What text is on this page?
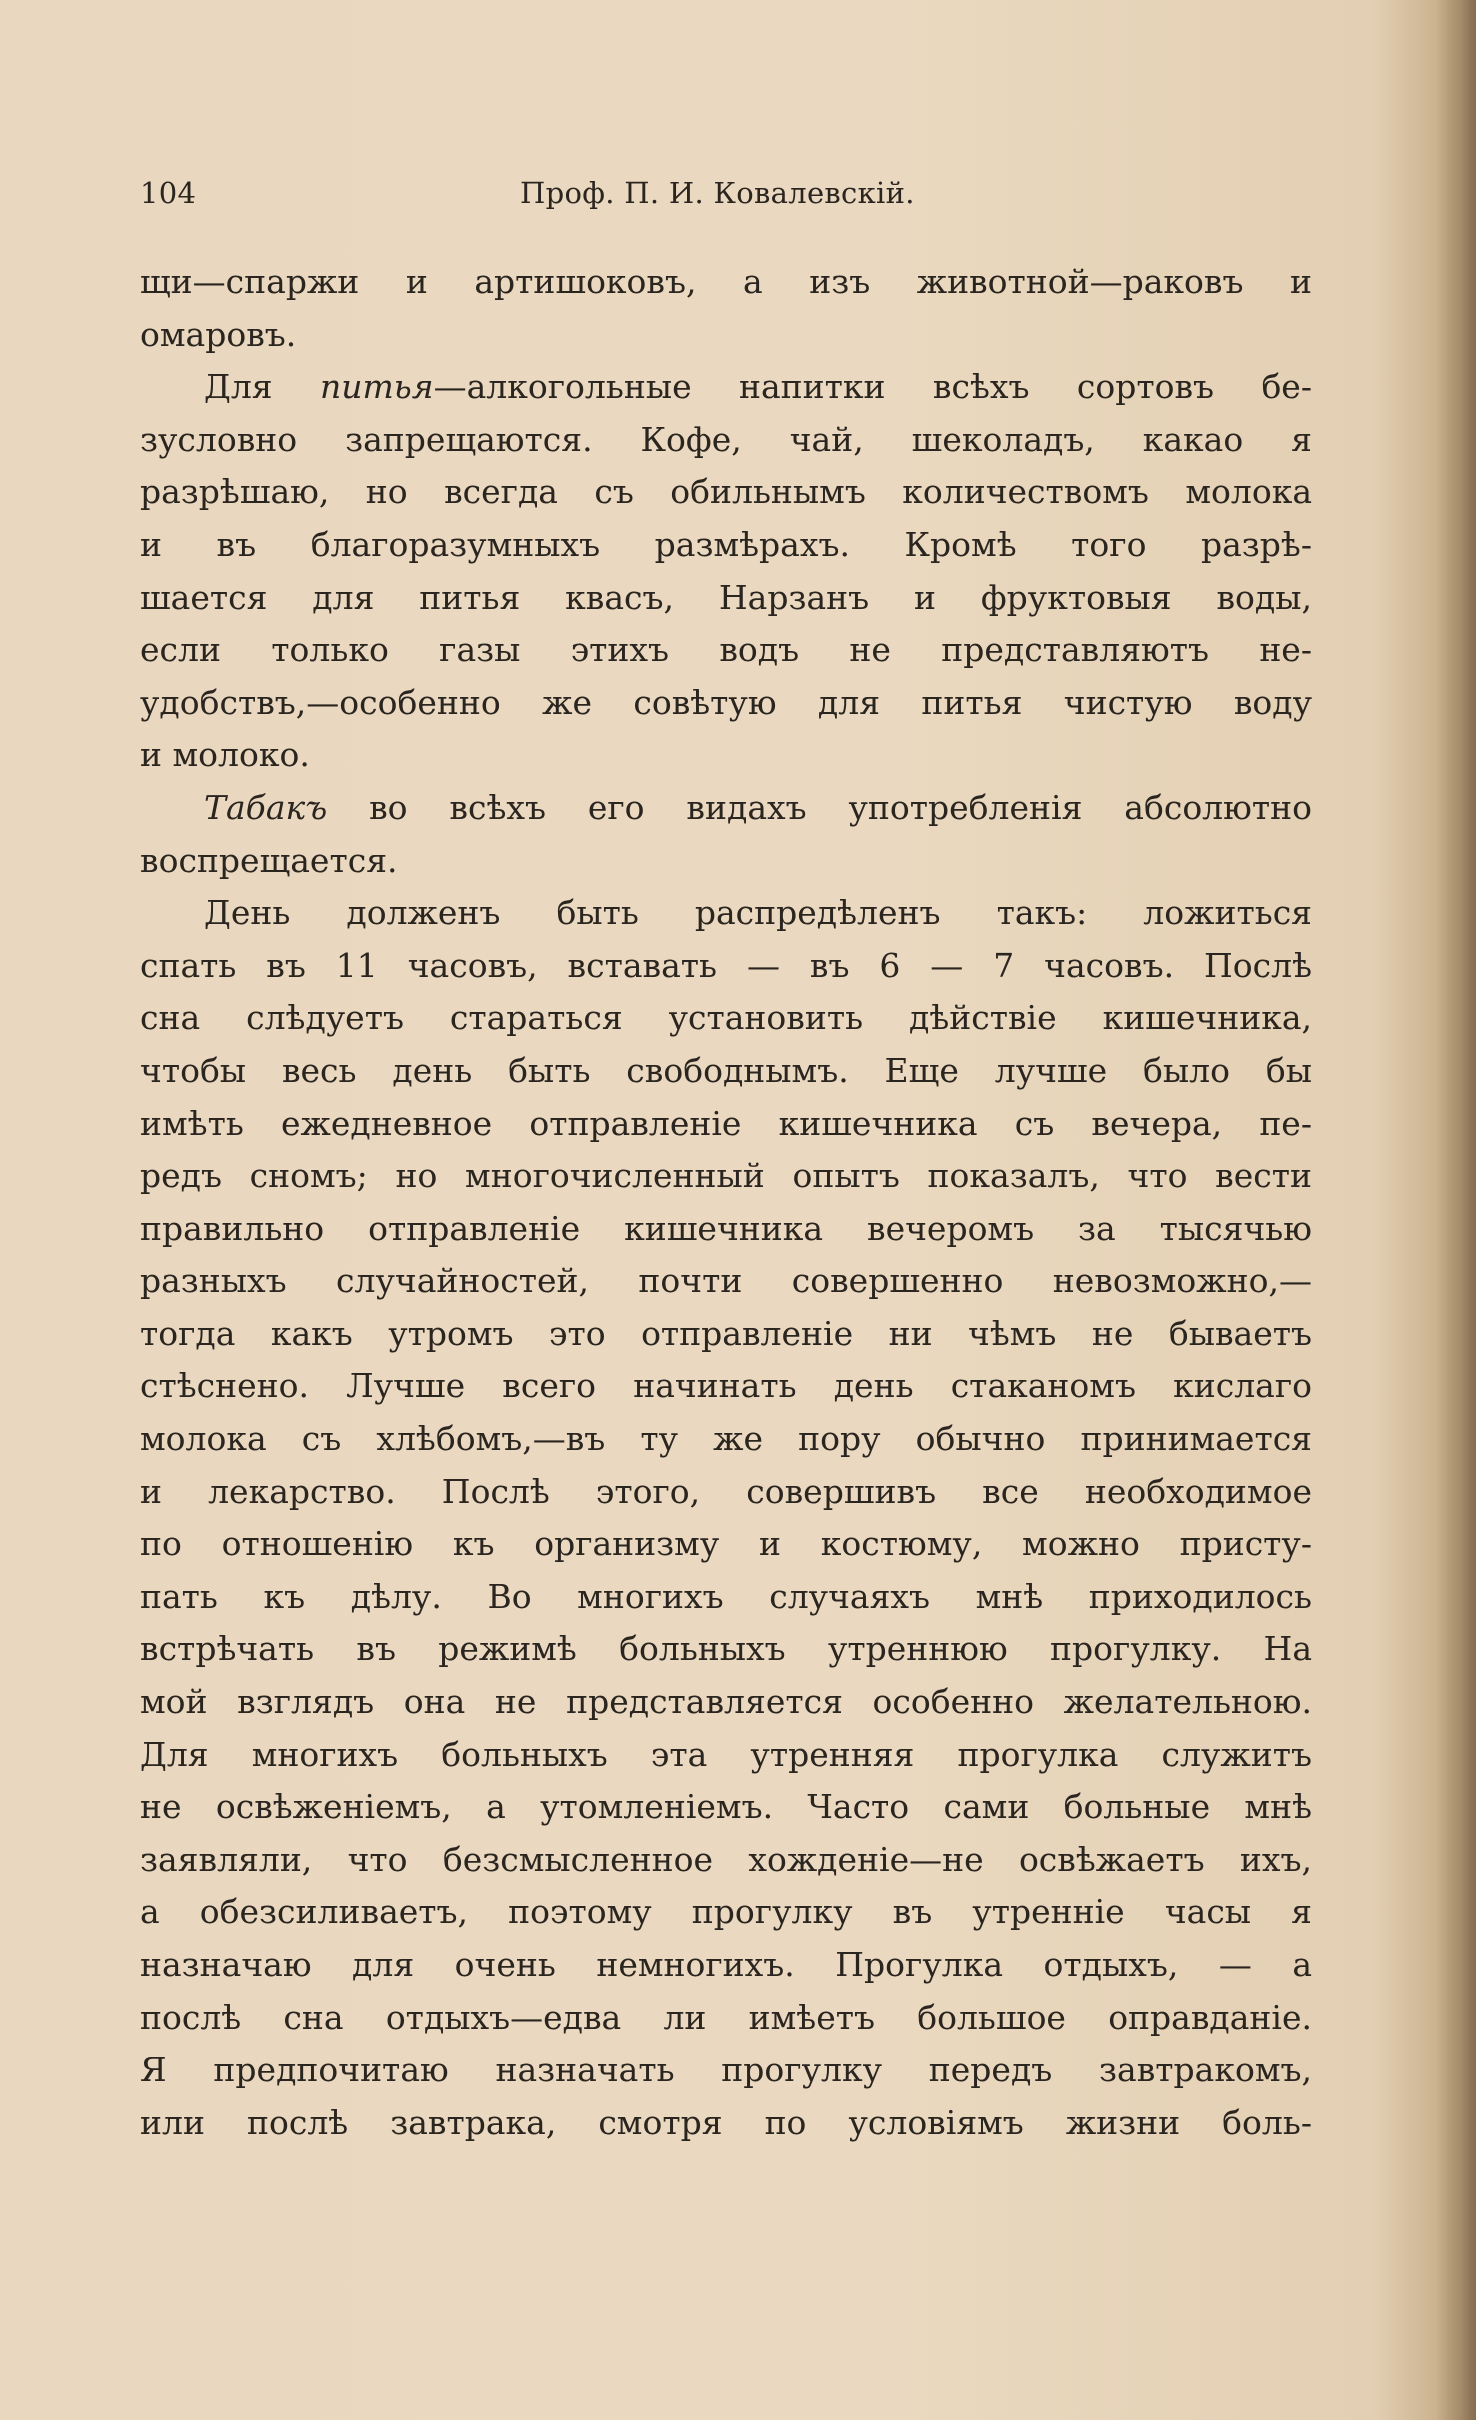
104	Проф. П. И. Ковалевскій.
щи—спаржи и артишоковъ, а изъ животной—раковъ и
омаровъ.
Для питья—алкогольные напитки всѣхъ сортовъ бе-
зусловно запрещаются. Кофе, чай, шеколадъ, какао я
разрѣшаю, но всегда съ обильнымъ количествомъ молока
и въ благоразумныхъ размѣрахъ. Кромѣ того разрѣ-
шается для питья квасъ, Нарзанъ и фруктовыя воды,
если только газы этихъ водъ не представляютъ не-
удобствъ,—особенно же совѣтую для питья чистую воду
и молоко.
Табакъ во всѣхъ его видахъ употребленія абсолютно
воспрещается.
День долженъ быть распредѣленъ такъ: ложиться
спать въ 11 часовъ, вставать — въ 6 — 7 часовъ. Послѣ
сна слѣдуетъ стараться установить дѣйствіе кишечника,
чтобы весь день быть свободнымъ. Еще лучше было бы
имѣть ежедневное отправленіе кишечника съ вечера, пе-
редъ сномъ; но многочисленный опытъ показалъ, что вести
правильно отправленіе кишечника вечеромъ за тысячью
разныхъ случайностей, почти совершенно невозможно,—
тогда какъ утромъ это отправленіе ни чѣмъ не бываетъ
стѣснено. Лучше всего начинать день стаканомъ кислаго
молока съ хлѣбомъ,—въ ту же пору обычно принимается
и лекарство. Послѣ этого, совершивъ все необходимое
по отношенію къ организму и костюму, можно присту-
пать къ дѣлу. Во многихъ случаяхъ мнѣ приходилось
встрѣчать въ режимѣ больныхъ утреннюю прогулку. На
мой взглядъ она не представляется особенно желательною.
Для многихъ больныхъ эта утренняя прогулка служитъ
не освѣженіемъ, а утомленіемъ. Часто сами больные мнѣ
заявляли, что безсмысленное хожденіе—не освѣжаетъ ихъ,
а обезсиливаетъ, поэтому прогулку въ утренніе часы я
назначаю для очень немногихъ. Прогулка отдыхъ, — а
послѣ сна отдыхъ—едва ли имѣетъ большое оправданіе.
Я предпочитаю назначать прогулку передъ завтракомъ,
или послѣ завтрака, смотря по условіямъ жизни боль-
